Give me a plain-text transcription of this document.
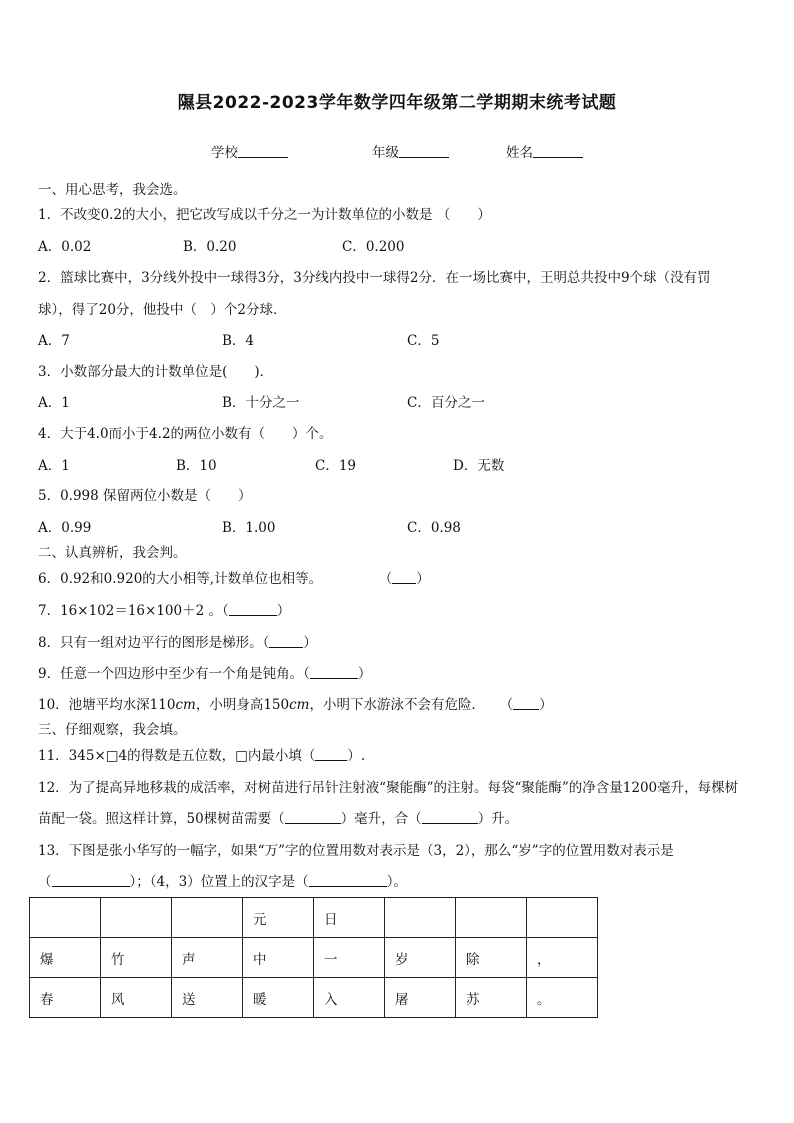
隰县2022-2023学年数学四年级第二学期期末统考试题
学校	年级	姓名
一、用心思考，我会选。
1．不改变0.2的大小，把它改写成以千分之一为计数单位的小数是 （　　）
A．0.02	B．0.20	C．0.200
2．篮球比赛中，3分线外投中一球得3分，3分线内投中一球得2分．在一场比赛中，王明总共投中9个球（没有罚
球），得了20分，他投中（　）个2分球．
A．7	B．4	C．5
3．小数部分最大的计数单位是(　　)．
A．1	B．十分之一	C．百分之一
4．大于4.0而小于4.2的两位小数有（　　）个。
A．1	B．10	C．19	D．无数
5．0.998 保留两位小数是（　　）
A．0.99	B．1.00	C．0.98
二、认真辨析，我会判。
6．0.92和0.920的大小相等,计数单位也相等。	（ ）
7．16×102＝16×100＋2 。（	）
8．只有一组对边平行的图形是梯形。（	）
9．任意一个四边形中至少有一个角是钝角。（	）
10．池塘平均水深110cm，小明身高150cm，小明下水游泳不会有危险． （ ）
三、仔细观察，我会填。
11．345×□4的得数是五位数，□内最小填（ ）.
12．为了提高异地移栽的成活率，对树苗进行吊针注射液“聚能酶”的注射。每袋“聚能酶”的净含量1200毫升，每棵树
苗配一袋。照这样计算，50棵树苗需要（	）毫升，合（	）升。
13．下图是张小华写的一幅字，如果“万”字的位置用数对表示是（3，2），那么“岁”字的位置用数对表示是
（	）；（4，3）位置上的汉字是（	）。
			元	日			
爆	竹	声	中	一	岁	除	，
春	风	送	暖	入	屠	苏	。
